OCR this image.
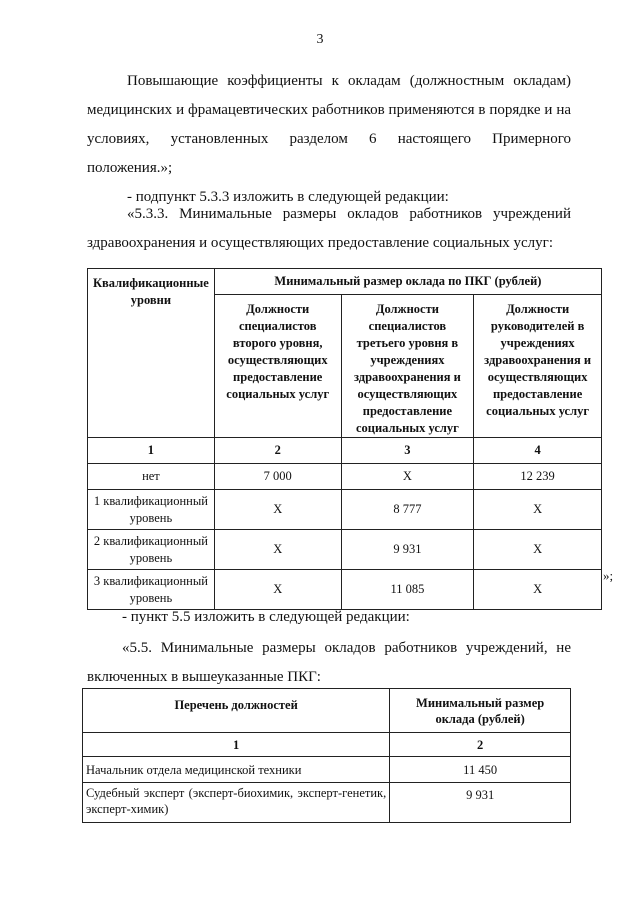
3
Повышающие коэффициенты к окладам (должностным окладам)
медицинских и фрамацевтических работников применяются в порядке и на
условиях, установленных разделом 6 настоящего Примерного
положения.»;
- подпункт 5.3.3 изложить в следующей редакции:
«5.3.3. Минимальные размеры окладов работников учреждений
здравоохранения и осуществляющих предоставление социальных услуг:
Квалификационные уровни	Минимальный размер оклада по ПКГ (рублей)		
	Должности специалистов второго уровня, осуществляющих предоставление социальных услуг	Должности специалистов третьего уровня в учреждениях здравоохранения и осуществляющих предоставление социальных услуг	Должности руководителей в учреждениях здравоохранения и осуществляющих предоставление социальных услуг
1	2	3	4
нет	7 000	Х	12 239
1 квалификационный уровень	Х	8 777	Х
2 квалификационный уровень	Х	9 931	Х
3 квалификационный уровень	Х	11 085	Х
»;
- пункт 5.5 изложить в следующей редакции:
«5.5. Минимальные размеры окладов работников учреждений, не
включенных в вышеуказанные ПКГ:
Перечень должностей	Минимальный размер оклада (рублей)
1	2
Начальник отдела медицинской техники	11 450
Судебный эксперт (эксперт-биохимик, эксперт-генетик, эксперт-химик)	9 931
